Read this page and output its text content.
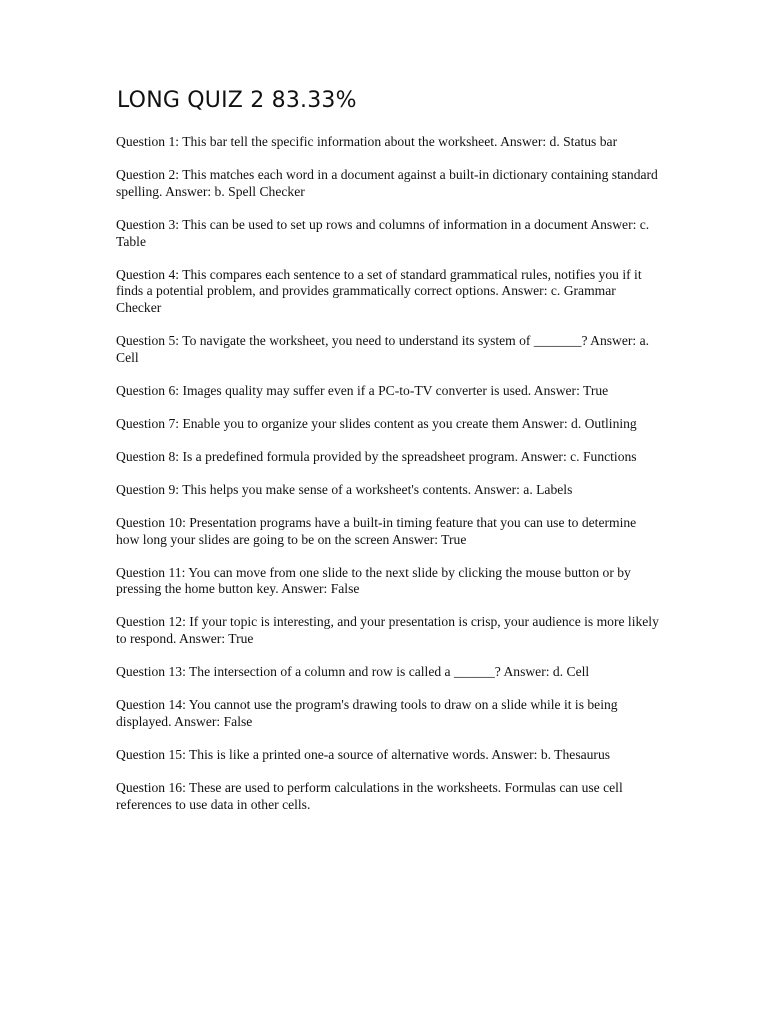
LONG QUIZ 2 83.33%
Question 1: This bar tell the specific information about the worksheet. Answer: d. Status bar
Question 2: This matches each word in a document against a built-in dictionary containing standard spelling. Answer: b. Spell Checker
Question 3: This can be used to set up rows and columns of information in a document Answer: c. Table
Question 4: This compares each sentence to a set of standard grammatical rules, notifies you if it finds a potential problem, and provides grammatically correct options. Answer: c. Grammar Checker
Question 5: To navigate the worksheet, you need to understand its system of _______? Answer: a. Cell
Question 6: Images quality may suffer even if a PC-to-TV converter is used. Answer: True
Question 7: Enable you to organize your slides content as you create them Answer: d. Outlining
Question 8: Is a predefined formula provided by the spreadsheet program. Answer: c. Functions
Question 9: This helps you make sense of a worksheet's contents. Answer: a. Labels
Question 10: Presentation programs have a built-in timing feature that you can use to determine how long your slides are going to be on the screen Answer: True
Question 11: You can move from one slide to the next slide by clicking the mouse button or by pressing the home button key. Answer: False
Question 12: If your topic is interesting, and your presentation is crisp, your audience is more likely to respond. Answer: True
Question 13: The intersection of a column and row is called a ______? Answer: d. Cell
Question 14: You cannot use the program's drawing tools to draw on a slide while it is being displayed. Answer: False
Question 15: This is like a printed one-a source of alternative words. Answer: b. Thesaurus
Question 16: These are used to perform calculations in the worksheets. Formulas can use cell references to use data in other cells.
